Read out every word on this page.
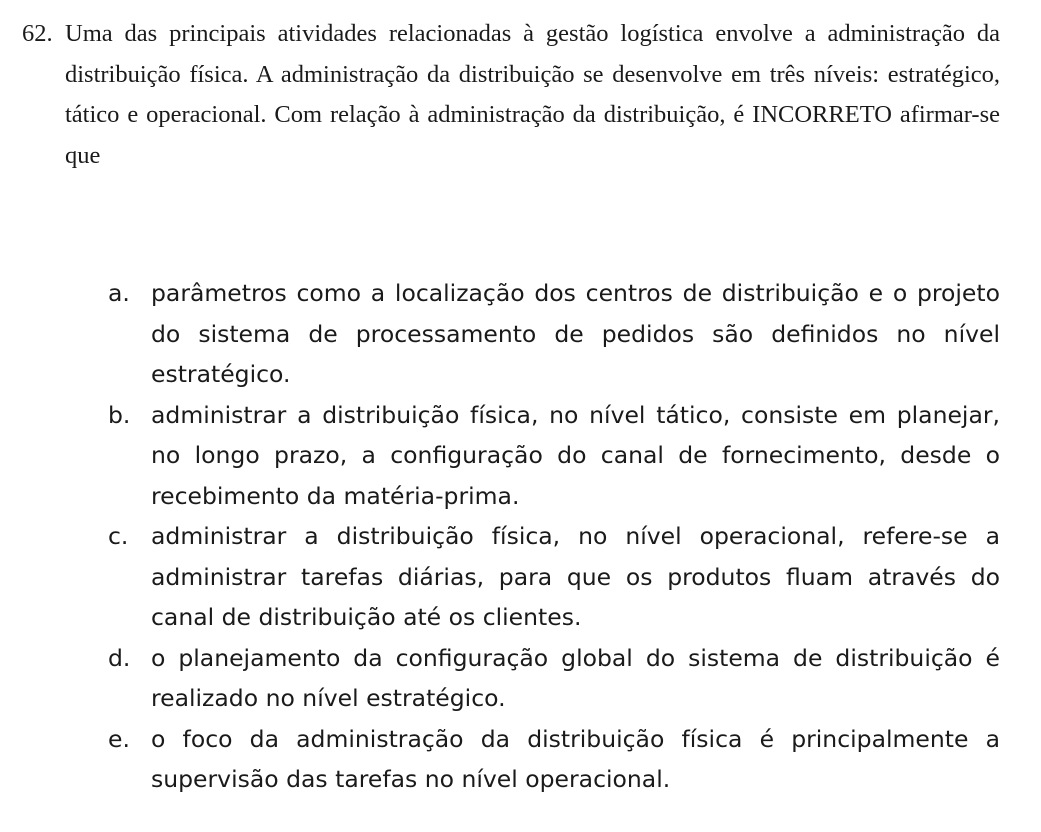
62. Uma das principais atividades relacionadas à gestão logística envolve a administração da distribuição física. A administração da distribuição se desenvolve em três níveis: estratégico, tático e operacional. Com relação à administração da distribuição, é INCORRETO afirmar-se que
a. parâmetros como a localização dos centros de distribuição e o projeto do sistema de processamento de pedidos são definidos no nível estratégico.
b. administrar a distribuição física, no nível tático, consiste em planejar, no longo prazo, a configuração do canal de fornecimento, desde o recebimento da matéria-prima.
c. administrar a distribuição física, no nível operacional, refere-se a administrar tarefas diárias, para que os produtos fluam através do canal de distribuição até os clientes.
d. o planejamento da configuração global do sistema de distribuição é realizado no nível estratégico.
e. o foco da administração da distribuição física é principalmente a supervisão das tarefas no nível operacional.
